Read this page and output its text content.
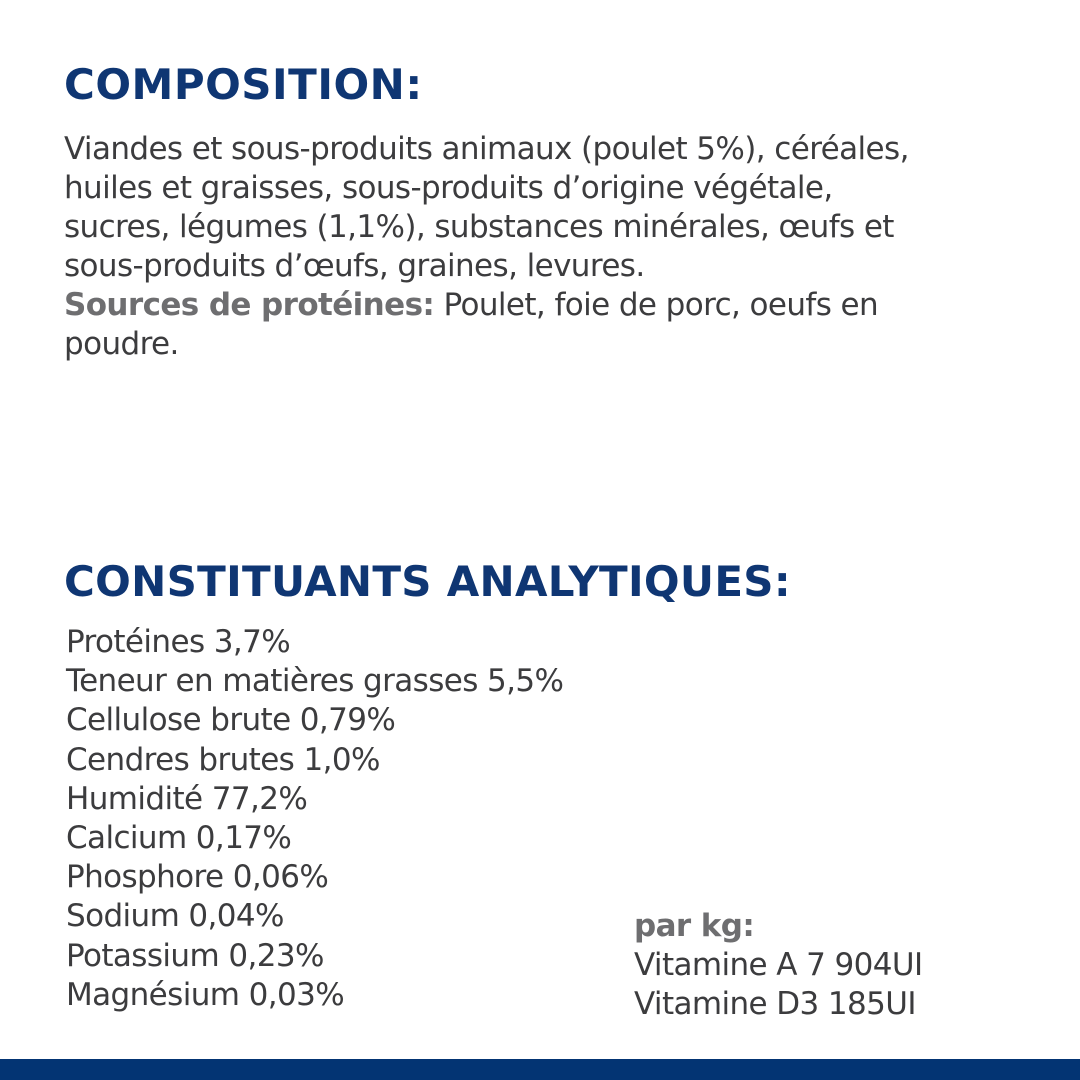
COMPOSITION:

Viandes et sous-produits animaux (poulet 5%), céréales,
huiles et graisses, sous-produits d’origine végétale,
sucres, légumes (1,1%), substances minérales, œufs et
sous-produits d’œufs, graines, levures.
Sources de protéines: Poulet, foie de porc, oeufs en
poudre.

CONSTITUANTS ANALYTIQUES:
Protéines 3,7%
Teneur en matières grasses 5,5%
Cellulose brute 0,79%
Cendres brutes 1,0%
Humidité 77,2%
Calcium 0,17%
Phosphore 0,06%
Sodium 0,04%
Potassium 0,23%
Magnésium 0,03%
par kg:
Vitamine A 7 904UI
Vitamine D3 185UI
